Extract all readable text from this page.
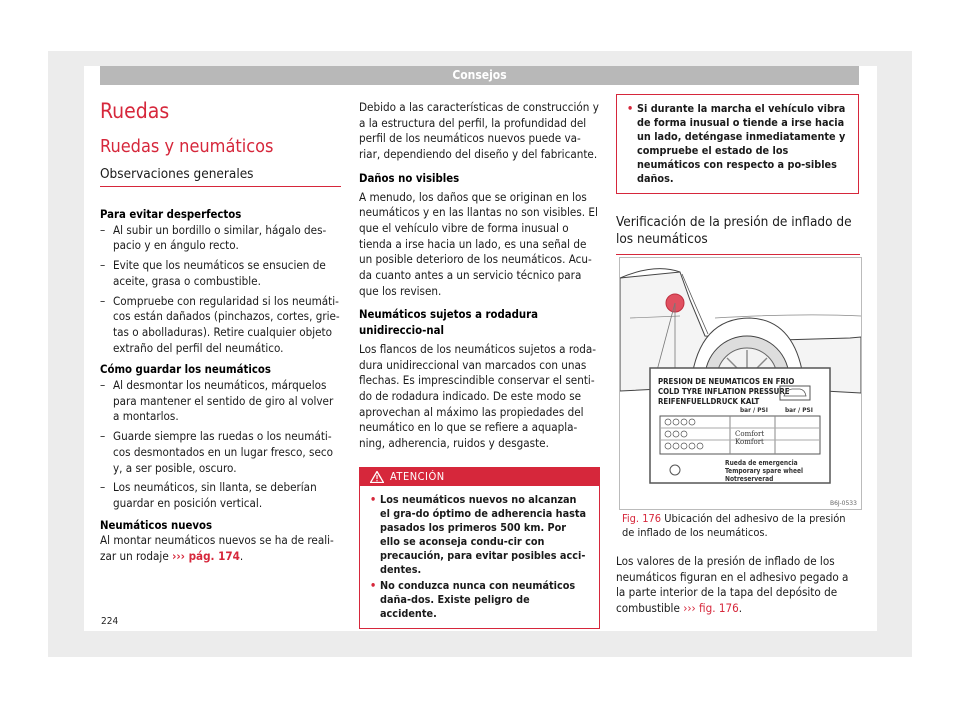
Consejos
Ruedas
Ruedas y neumáticos
Observaciones generales

Para evitar desperfectos

– Al subir un bordillo o similar, hágalo des-pacio y en ángulo recto.
– Evite que los neumáticos se ensucien de aceite, grasa o combustible.
– Compruebe con regularidad si los neumáti-cos están dañados (pinchazos, cortes, grie-tas o abolladuras). Retire cualquier objeto extraño del perfil del neumático.

Cómo guardar los neumáticos

– Al desmontar los neumáticos, márquelos para mantener el sentido de giro al volver a montarlos.
– Guarde siempre las ruedas o los neumáti-cos desmontados en un lugar fresco, seco y, a ser posible, oscuro.
– Los neumáticos, sin llanta, se deberían guardar en posición vertical.

Neumáticos nuevos

Al montar neumáticos nuevos se ha de reali-zar un rodaje ››› pág. 174.

Debido a las características de construcción y a la estructura del perfil, la profundidad del perfil de los neumáticos nuevos puede va-riar, dependiendo del diseño y del fabricante.

Daños no visibles

A menudo, los daños que se originan en los neumáticos y en las llantas no son visibles. El que el vehículo vibre de forma inusual o tienda a irse hacia un lado, es una señal de un posible deterioro de los neumáticos. Acu-da cuanto antes a un servicio técnico para que los revisen.

Neumáticos sujetos a rodadura unidireccio-nal

Los flancos de los neumáticos sujetos a roda-dura unidireccional van marcados con unas flechas. Es imprescindible conservar el senti-do de rodadura indicado. De este modo se aprovechan al máximo las propiedades del neumático en lo que se refiere a aquapla-ning, adherencia, ruidos y desgaste.

ATENCIÓN
• Los neumáticos nuevos no alcanzan el gra-do óptimo de adherencia hasta pasados los primeros 500 km. Por ello se aconseja condu-cir con precaución, para evitar posibles acci-dentes.
• No conduzca nunca con neumáticos daña-dos. Existe peligro de accidente.
• Si durante la marcha el vehículo vibra de forma inusual o tiende a irse hacia un lado, deténgase inmediatamente y compruebe el estado de los neumáticos con respecto a po-sibles daños.
Verificación de la presión de inflado de los neumáticos
PRESION DE NEUMATICOS EN FRIO
COLD TYRE INFLATION PRESSURE
REIFENFUELLDRUCK KALT
bar / PSI	bar / PSI
Comfort
Komfort
Rueda de emergencia
Temporary spare wheel
Notreserverad
B6J-0533
Fig. 176 Ubicación del adhesivo de la presión de inflado de los neumáticos.
Los valores de la presión de inflado de los neumáticos figuran en el adhesivo pegado a la parte interior de la tapa del depósito de combustible ››› fig. 176.
224
